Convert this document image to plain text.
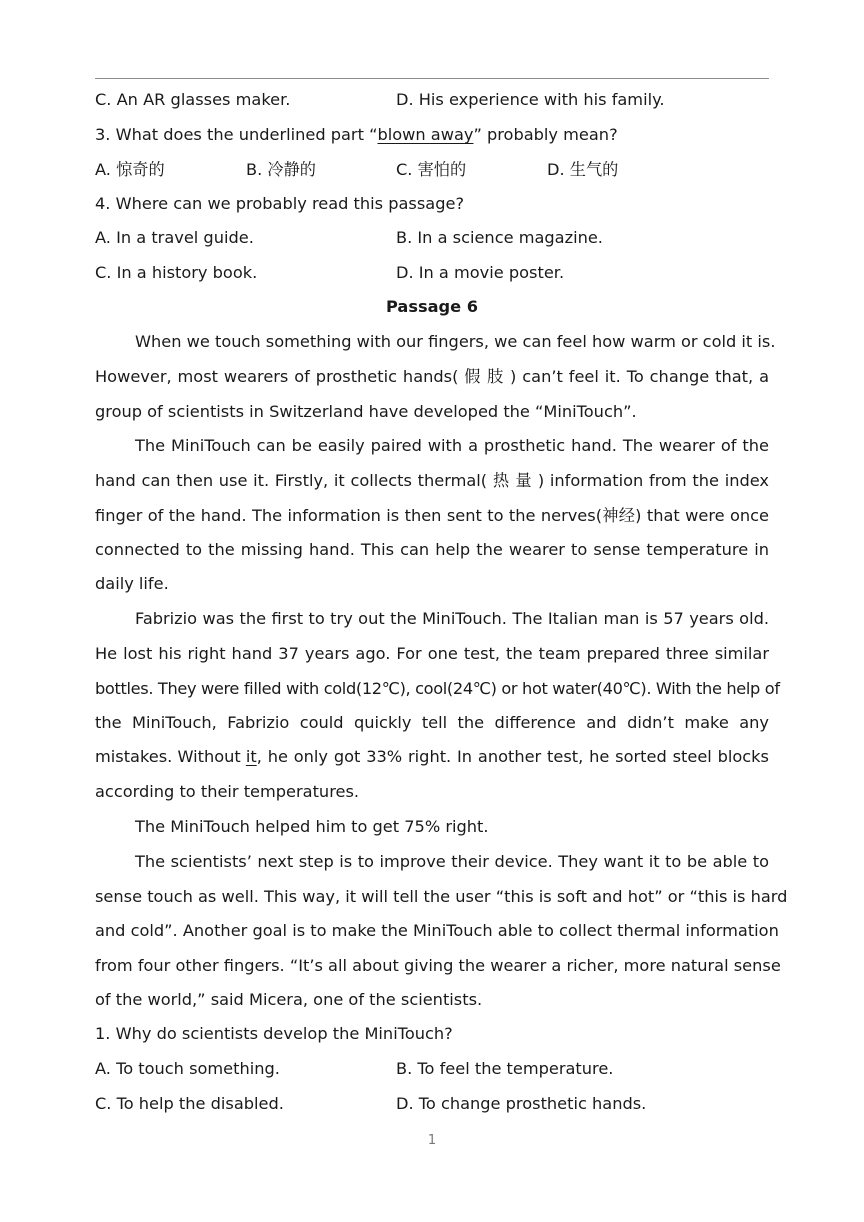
C. An AR glasses maker.	D. His experience with his family.
3. What does the underlined part “blown away” probably mean?
A. 惊奇的	B. 冷静的	C. 害怕的	D. 生气的
4. Where can we probably read this passage?
A. In a travel guide.	B. In a science magazine.
C. In a history book.	D. In a movie poster.
Passage 6
When we touch something with our fingers, we can feel how warm or cold it is.
However, most wearers of prosthetic hands( 假 肢 ) can’t feel it. To change that, a
group of scientists in Switzerland have developed the “MiniTouch”.
The MiniTouch can be easily paired with a prosthetic hand. The wearer of the
hand can then use it. Firstly, it collects thermal( 热 量 ) information from the index
finger of the hand. The information is then sent to the nerves(神经) that were once
connected to the missing hand. This can help the wearer to sense temperature in
daily life.
Fabrizio was the first to try out the MiniTouch. The Italian man is 57 years old.
He lost his right hand 37 years ago. For one test, the team prepared three similar
bottles. They were filled with cold(12℃), cool(24℃) or hot water(40℃). With the help of
the MiniTouch, Fabrizio could quickly tell the difference and didn’t make any
mistakes. Without it , he only got 33% right. In another test, he sorted steel blocks
according to their temperatures.
The MiniTouch helped him to get 75% right.
The scientists’ next step is to improve their device. They want it to be able to
sense touch as well. This way, it will tell the user “this is soft and hot” or “this is hard
and cold”. Another goal is to make the MiniTouch able to collect thermal information
from four other fingers. “It’s all about giving the wearer a richer, more natural sense
of the world,” said Micera, one of the scientists.
1. Why do scientists develop the MiniTouch?
A. To touch something.	B. To feel the temperature.
C. To help the disabled.	D. To change prosthetic hands.
1
